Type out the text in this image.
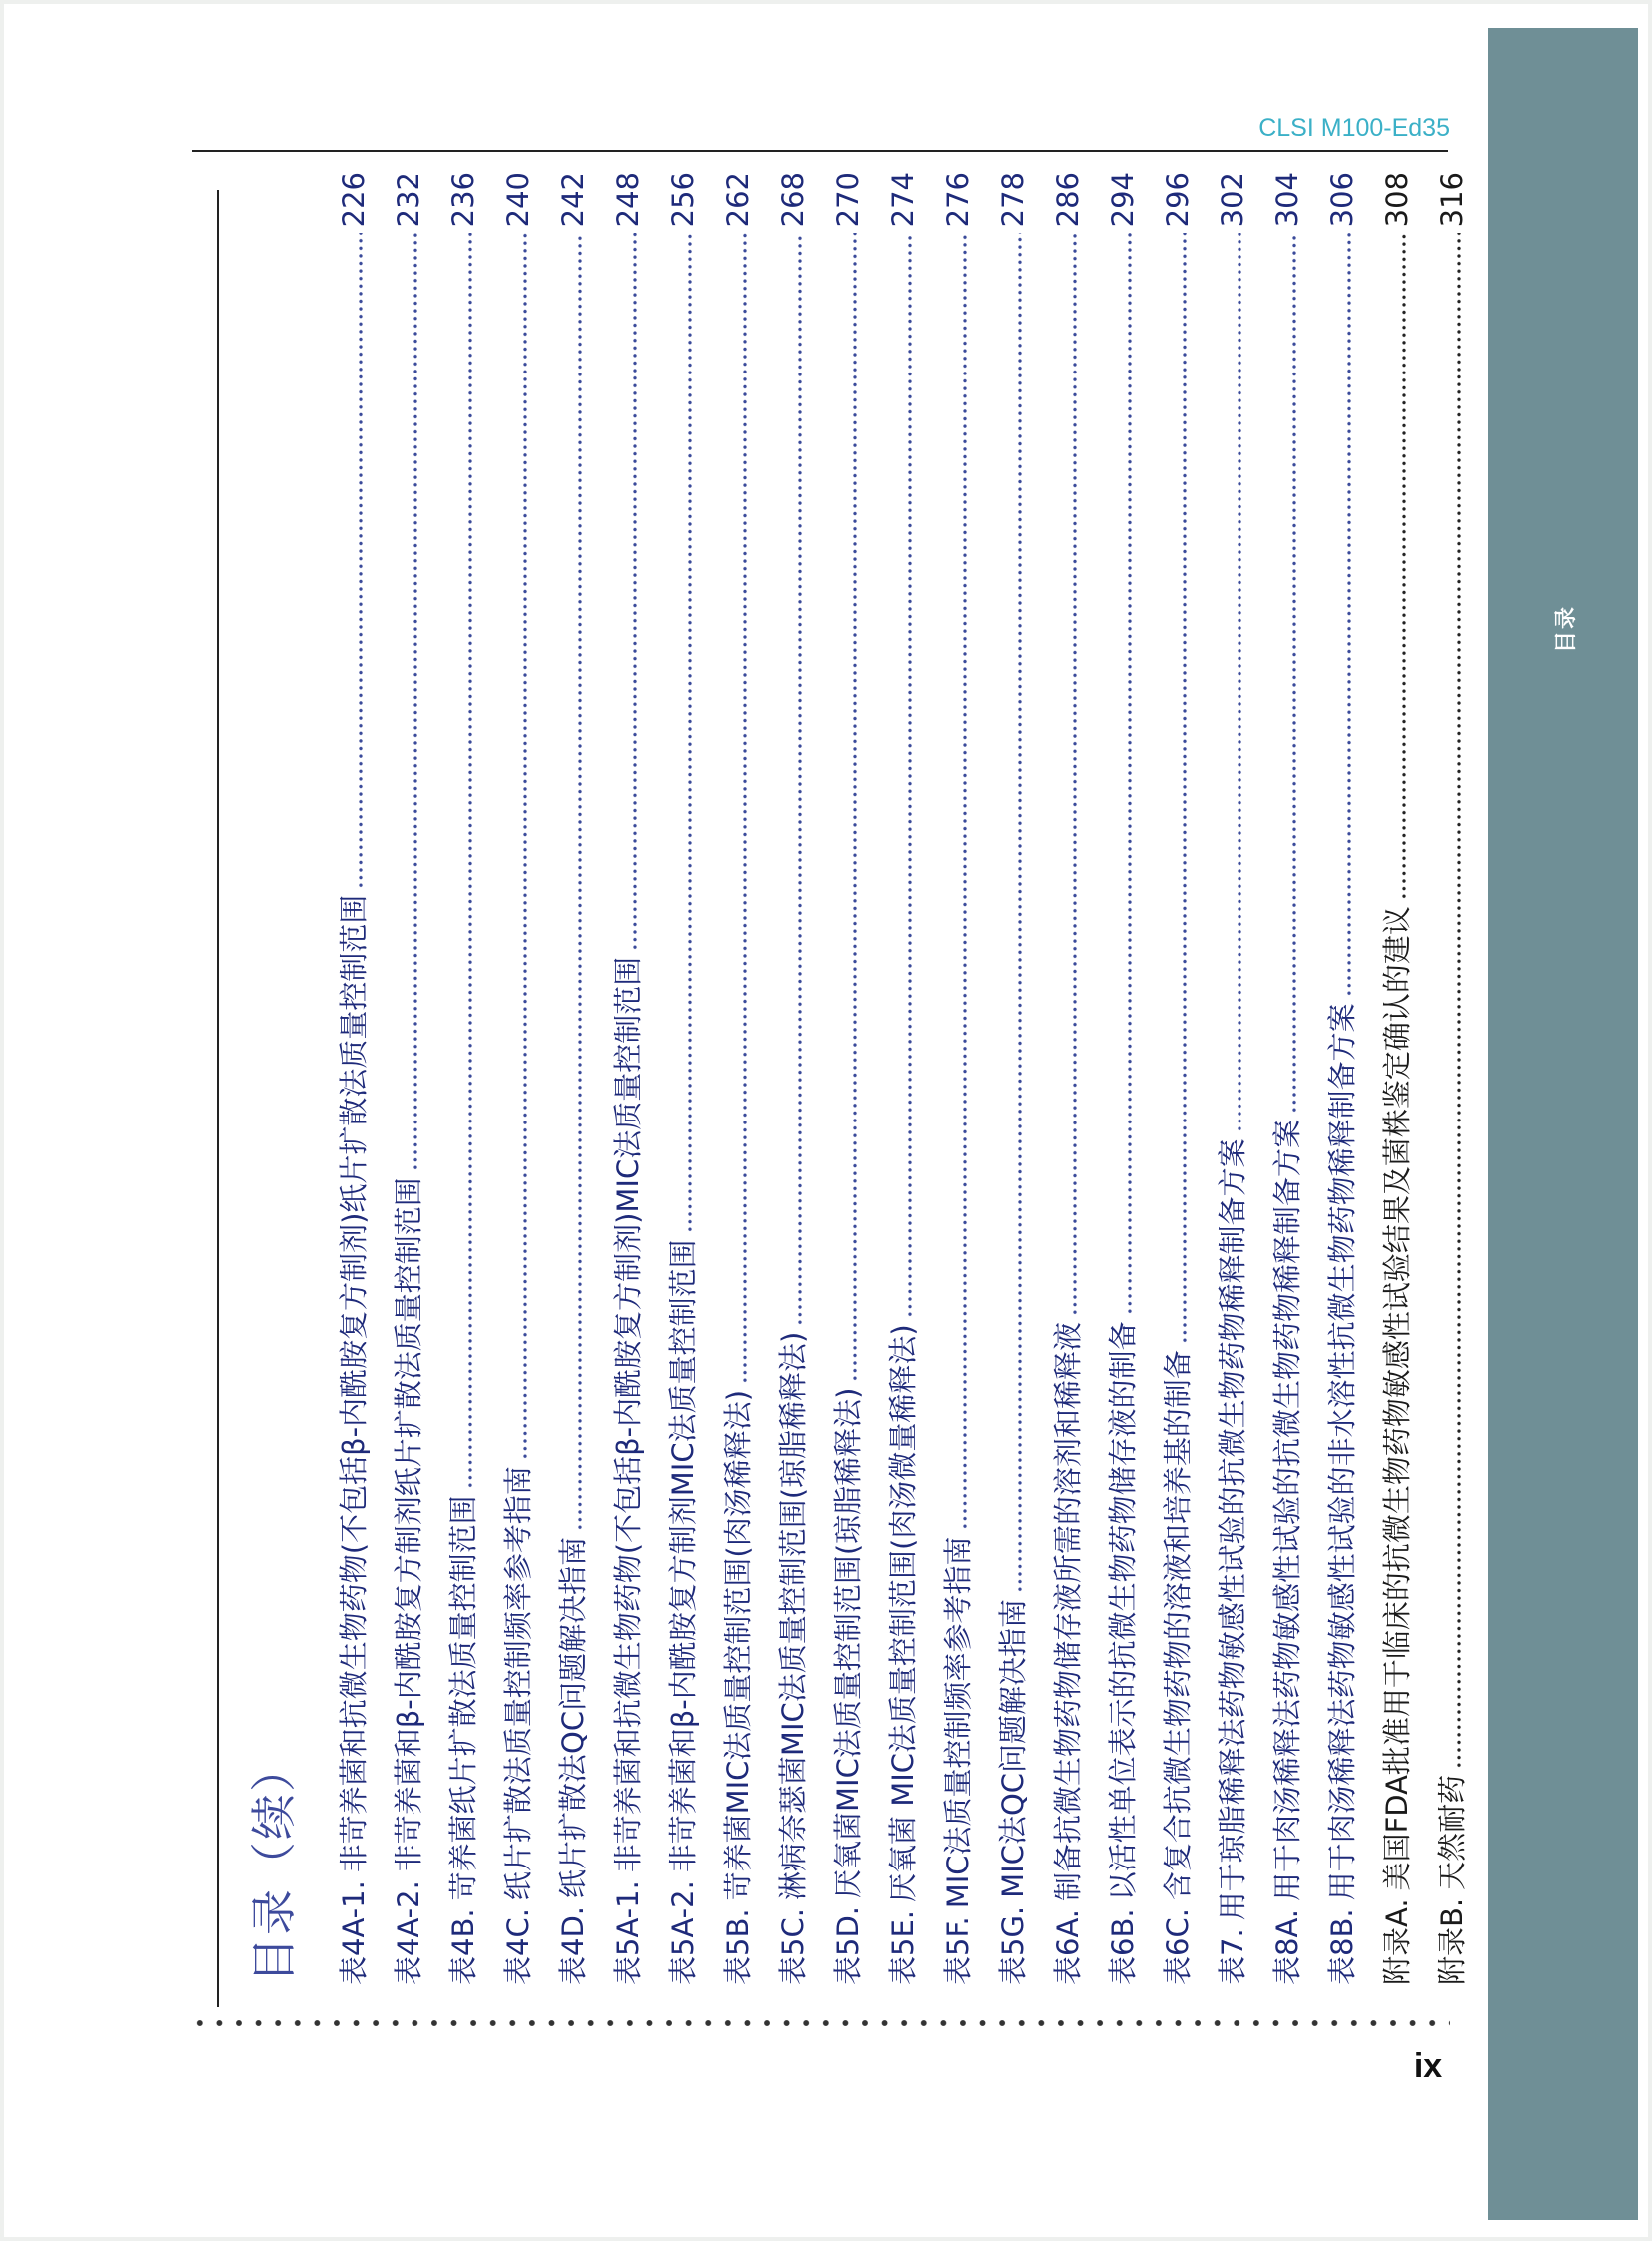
目录
CLSI M100-Ed35
目录（续） 表4A-1.
非苛养菌和抗微生物药物(不包括β-内酰胺复方制剂)纸片扩散法质量控制范围
226
表4A-2.
非苛养菌和β-内酰胺复方制剂纸片扩散法质量控制范围
232
表4B.
苛养菌纸片扩散法质量控制范围
236
表4C.
纸片扩散法质量控制频率参考指南
240
表4D.
纸片扩散法QC问题解决指南
242
表5A-1.
非苛养菌和抗微生物药物(不包括β-内酰胺复方制剂)MIC法质量控制范围
248
表5A-2.
非苛养菌和β-内酰胺复方制剂MIC法质量控制范围
256
表5B.
苛养菌MIC法质量控制范围(肉汤稀释法)
262
表5C.
淋病奈瑟菌MIC法质量控制范围(琼脂稀释法)
268
表5D.
厌氧菌MIC法质量控制范围(琼脂稀释法)
270
表5E.
厌氧菌 MIC法质量控制范围(肉汤微量稀释法)
274
表5F.
MIC法质量控制频率参考指南
276
表5G.
MIC法QC问题解决指南
278
表6A.
制备抗微生物药物储存液所需的溶剂和稀释液
286
表6B.
以活性单位表示的抗微生物药物储存液的制备
294
表6C.
含复合抗微生物药物的溶液和培养基的制备
296
表7.
用于琼脂稀释法药物敏感性试验的抗微生物药物稀释制备方案
302
表8A.
用于肉汤稀释法药物敏感性试验的抗微生物药物稀释制备方案
304
表8B.
用于肉汤稀释法药物敏感性试验的非水溶性抗微生物药物稀释制备方案
306
附录A.
美国FDA批准用于临床的抗微生物药物敏感性试验结果及菌株鉴定确认的建议
308
附录B.
天然耐药
316
ix
